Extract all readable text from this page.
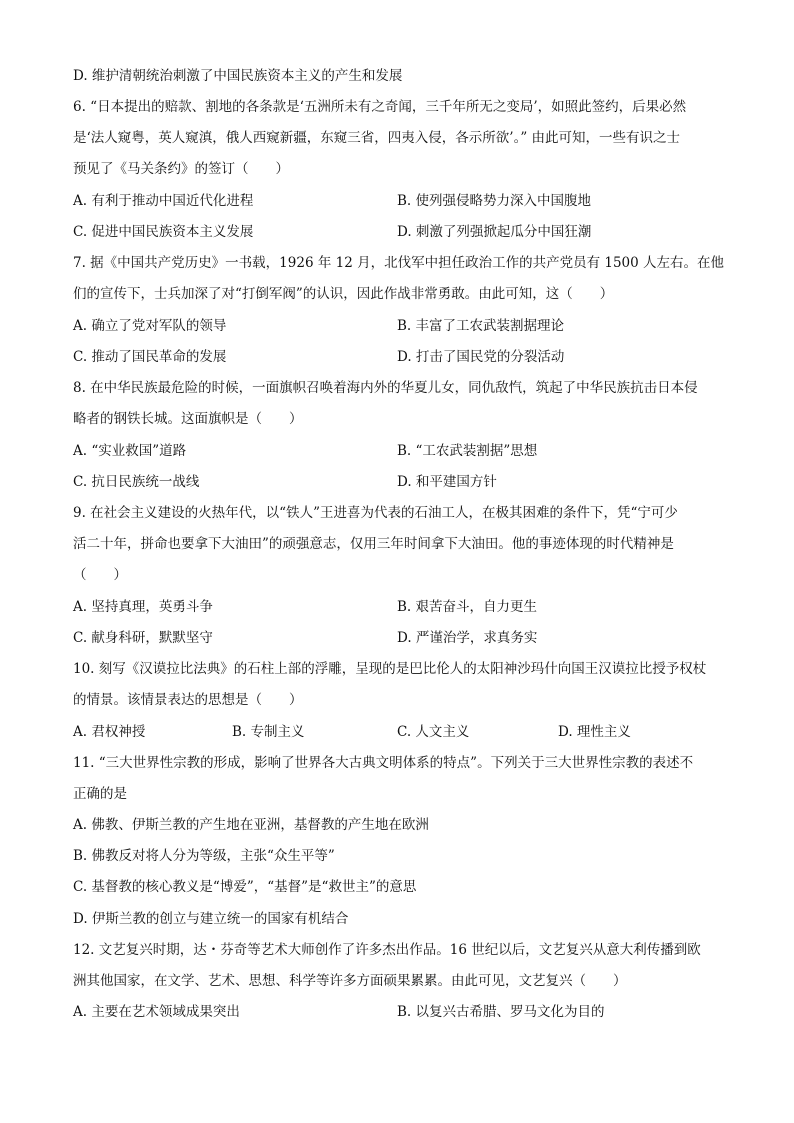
D. 维护清朝统治刺激了中国民族资本主义的产生和发展
6. “日本提出的赔款、割地的各条款是‘五洲所未有之奇闻，三千年所无之变局’，如照此签约，后果必然
是‘法人窥粤，英人窥滇，俄人西窥新疆，东窥三省，四夷入侵，各示所欲’。” 由此可知，一些有识之士
预见了《马关条约》的签订（　　）
A. 有利于推动中国近代化进程	B. 使列强侵略势力深入中国腹地
C. 促进中国民族资本主义发展	D. 刺激了列强掀起瓜分中国狂潮
7. 据《中国共产党历史》一书载，1926 年 12 月，北伐军中担任政治工作的共产党员有 1500 人左右。在他
们的宣传下，士兵加深了对“打倒军阀”的认识，因此作战非常勇敢。由此可知，这（　　）
A. 确立了党对军队的领导	B. 丰富了工农武装割据理论
C. 推动了国民革命的发展	D. 打击了国民党的分裂活动
8. 在中华民族最危险的时候，一面旗帜召唤着海内外的华夏儿女，同仇敌忾，筑起了中华民族抗击日本侵
略者的钢铁长城。这面旗帜是（　　）
A. “实业救国”道路	B. “工农武装割据”思想
C. 抗日民族统一战线	D. 和平建国方针
9. 在社会主义建设的火热年代，以“铁人”王进喜为代表的石油工人，在极其困难的条件下，凭“宁可少
活二十年，拼命也要拿下大油田”的顽强意志，仅用三年时间拿下大油田。他的事迹体现的时代精神是
（　　）
A. 坚持真理，英勇斗争	B. 艰苦奋斗，自力更生
C. 献身科研，默默坚守	D. 严谨治学，求真务实
10. 刻写《汉谟拉比法典》的石柱上部的浮雕，呈现的是巴比伦人的太阳神沙玛什向国王汉谟拉比授予权杖
的情景。该情景表达的思想是（　　）
A. 君权神授	B. 专制主义	C. 人文主义	D. 理性主义
11. “三大世界性宗教的形成，影响了世界各大古典文明体系的特点”。下列关于三大世界性宗教的表述不
正确的是
A. 佛教、伊斯兰教的产生地在亚洲，基督教的产生地在欧洲
B. 佛教反对将人分为等级，主张“众生平等”
C. 基督教的核心教义是“博爱”，“基督”是“救世主”的意思
D. 伊斯兰教的创立与建立统一的国家有机结合
12. 文艺复兴时期，达・芬奇等艺术大师创作了许多杰出作品。16 世纪以后，文艺复兴从意大利传播到欧
洲其他国家，在文学、艺术、思想、科学等许多方面硕果累累。由此可见，文艺复兴（　　）
A. 主要在艺术领域成果突出	B. 以复兴古希腊、罗马文化为目的
